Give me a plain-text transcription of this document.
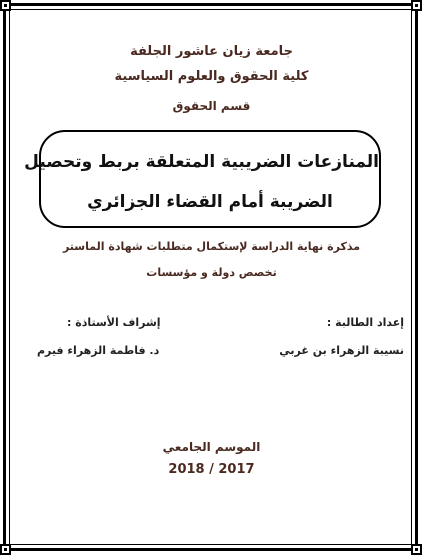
جامعة زيان عاشور الجلفة
كلية الحقوق والعلوم السياسية
قسم الحقوق
المنازعات الضريبية المتعلقة بربط وتحصيل
الضريبة أمام القضاء الجزائري
مذكرة نهاية الدراسة لإستكمال متطلبات شهادة الماستر
تخصص دولة و مؤسسات
إعداد الطالبة :
إشراف الأستاذة :
نسيبة الزهراء بن غربي
د. فاطمة الزهراء فيرم
الموسم الجامعي
2018 / 2017
